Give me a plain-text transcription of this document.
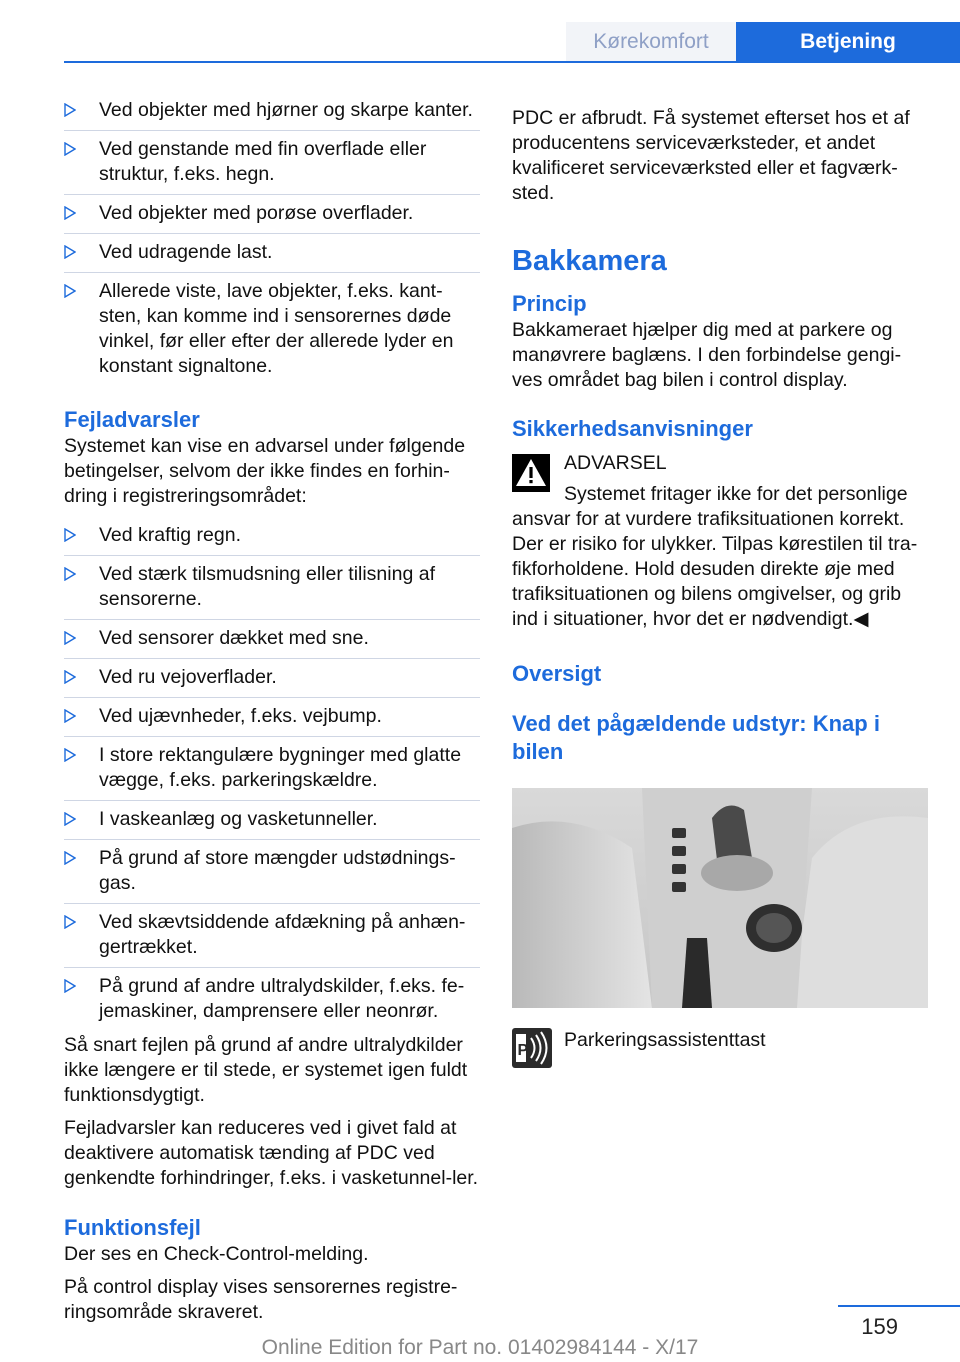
Kørekomfort	Betjening
Ved objekter med hjørner og skarpe kanter.
Ved genstande med fin overflade eller struktur, f.eks. hegn.
Ved objekter med porøse overflader.
Ved udragende last.
Allerede viste, lave objekter, f.eks. kant-sten, kan komme ind i sensorernes døde vinkel, før eller efter der allerede lyder en konstant signaltone.
Fejladvarsler
Systemet kan vise en advarsel under følgende betingelser, selvom der ikke findes en forhin-dring i registreringsområdet:
Ved kraftig regn.
Ved stærk tilsmudsning eller tilisning af sensorerne.
Ved sensorer dækket med sne.
Ved ru vejoverflader.
Ved ujævnheder, f.eks. vejbump.
I store rektangulære bygninger med glatte vægge, f.eks. parkeringskældre.
I vaskeanlæg og vasketunneller.
På grund af store mængder udstødnings-gas.
Ved skævtsiddende afdækning på anhæn-gertrækket.
På grund af andre ultralydskilder, f.eks. fe-jemaskiner, damprensere eller neonrør.
Så snart fejlen på grund af andre ultralydkilder ikke længere er til stede, er systemet igen fuldt funktionsdygtigt.
Fejladvarsler kan reduceres ved i givet fald at deaktivere automatisk tænding af PDC ved genkendte forhindringer, f.eks. i vasketunnel-ler.
Funktionsfejl
Der ses en Check-Control-melding.
På control display vises sensorernes registre-ringsområde skraveret.
PDC er afbrudt. Få systemet efterset hos et af producentens serviceværksteder, et andet kvalificeret serviceværksted eller et fagværk-sted.
Bakkamera
Princip
Bakkameraet hjælper dig med at parkere og manøvrere baglæns. I den forbindelse gengi-ves området bag bilen i control display.
Sikkerhedsanvisninger
ADVARSEL
Systemet fritager ikke for det personlige ansvar for at vurdere trafiksituationen korrekt. Der er risiko for ulykker. Tilpas kørestilen til tra-fikforholdene. Hold desuden direkte øje med trafiksituationen og bilens omgivelser, og grib ind i situationer, hvor det er nødvendigt.◀
Oversigt
Ved det pågældende udstyr: Knap i bilen
P Parkeringsassistenttast
159
Online Edition for Part no. 01402984144 - X/17
